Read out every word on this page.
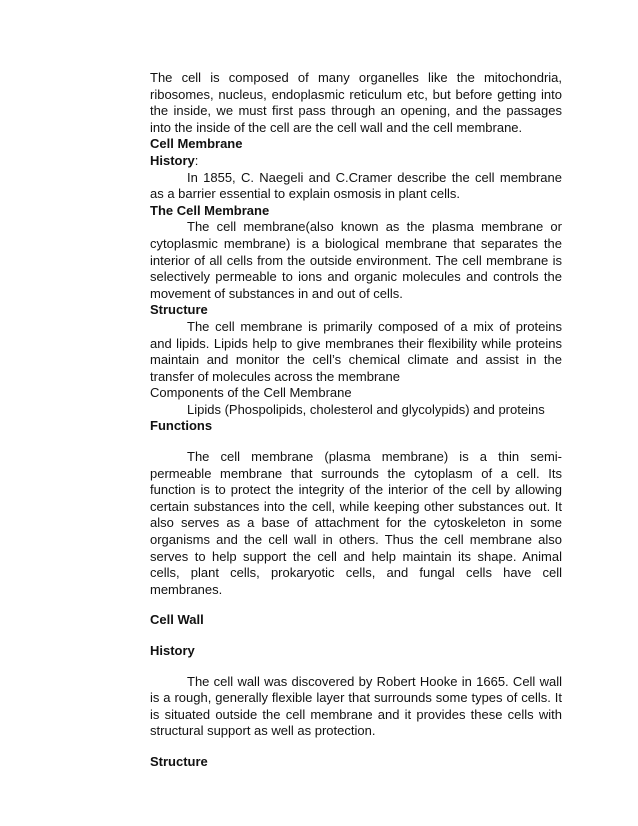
The cell is composed of many organelles like the mitochondria, ribosomes, nucleus, endoplasmic reticulum etc, but before getting into the inside, we must first pass through an opening, and the passages into the inside of the cell are the cell wall and the cell membrane.

Cell Membrane

History:

In 1855, C. Naegeli and C.Cramer describe the cell membrane as a barrier essential to explain osmosis in plant cells.

The Cell Membrane

The cell membrane(also known as the plasma membrane or cytoplasmic membrane) is a biological membrane that separates the interior of all cells from the outside environment. The cell membrane is selectively permeable to ions and organic molecules and controls the movement of substances in and out of cells.

Structure

The cell membrane is primarily composed of a mix of proteins and lipids. Lipids help to give membranes their flexibility while proteins maintain and monitor the cell’s chemical climate and assist in the transfer of molecules across the membrane

Components of the Cell Membrane

Lipids (Phospolipids, cholesterol and glycolypids) and proteins

Functions

The cell membrane (plasma membrane) is a thin semi-permeable membrane that surrounds the cytoplasm of a cell. Its function is to protect the integrity of the interior of the cell by allowing certain substances into the cell, while keeping other substances out. It also serves as a base of attachment for the cytoskeleton in some organisms and the cell wall in others. Thus the cell membrane also serves to help support the cell and help maintain its shape. Animal cells, plant cells, prokaryotic cells, and fungal cells have cell membranes.

Cell Wall

History

The cell wall was discovered by Robert Hooke in 1665. Cell wall is a rough, generally flexible layer that surrounds some types of cells. It is situated outside the cell membrane and it provides these cells with structural support as well as protection.

Structure
